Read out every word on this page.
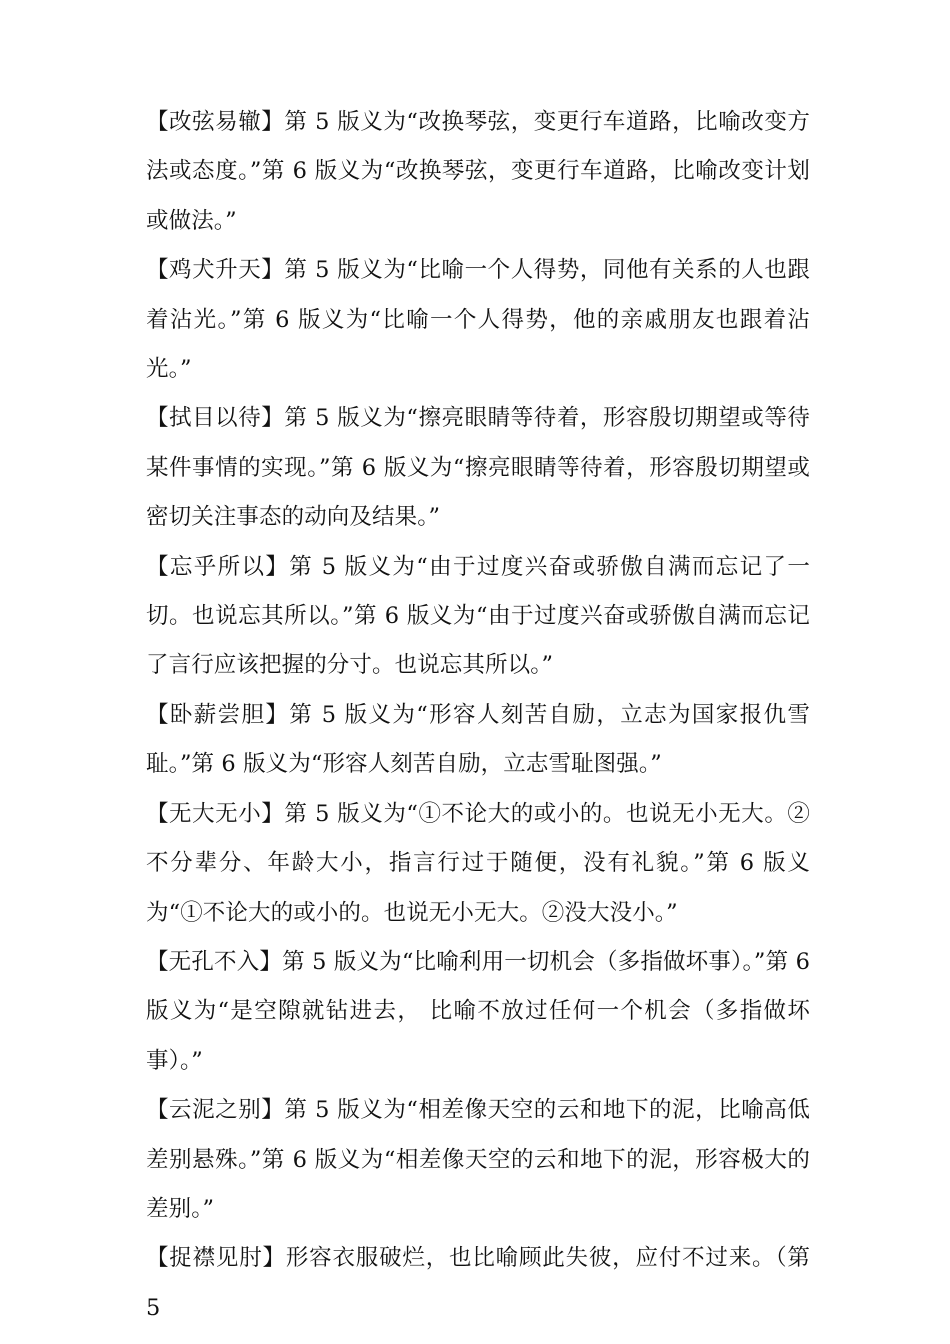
【改弦易辙】第 5 版义为“改换琴弦，变更行车道路，比喻改变方法或态度。”第 6 版义为“改换琴弦，变更行车道路，比喻改变计划或做法。”

【鸡犬升天】第 5 版义为“比喻一个人得势，同他有关系的人也跟着沾光。”第 6 版义为“比喻一个人得势，他的亲戚朋友也跟着沾光。”

【拭目以待】第 5 版义为“擦亮眼睛等待着，形容殷切期望或等待某件事情的实现。”第 6 版义为“擦亮眼睛等待着，形容殷切期望或密切关注事态的动向及结果。”

【忘乎所以】第 5 版义为“由于过度兴奋或骄傲自满而忘记了一切。也说忘其所以。”第 6 版义为“由于过度兴奋或骄傲自满而忘记了言行应该把握的分寸。也说忘其所以。”

【卧薪尝胆】第 5 版义为“形容人刻苦自励，立志为国家报仇雪耻。”第 6 版义为“形容人刻苦自励，立志雪耻图强。”

【无大无小】第 5 版义为“①不论大的或小的。也说无小无大。②不分辈分、年龄大小，指言行过于随便，没有礼貌。”第 6 版义为“①不论大的或小的。也说无小无大。②没大没小。”

【无孔不入】第 5 版义为“比喻利用一切机会（多指做坏事）。”第 6 版义为“是空隙就钻进去， 比喻不放过任何一个机会（多指做坏事）。”

【云泥之别】第 5 版义为“相差像天空的云和地下的泥，比喻高低差别悬殊。”第 6 版义为“相差像天空的云和地下的泥，形容极大的差别。”

【捉襟见肘】形容衣服破烂，也比喻顾此失彼，应付不过来。（第 5
